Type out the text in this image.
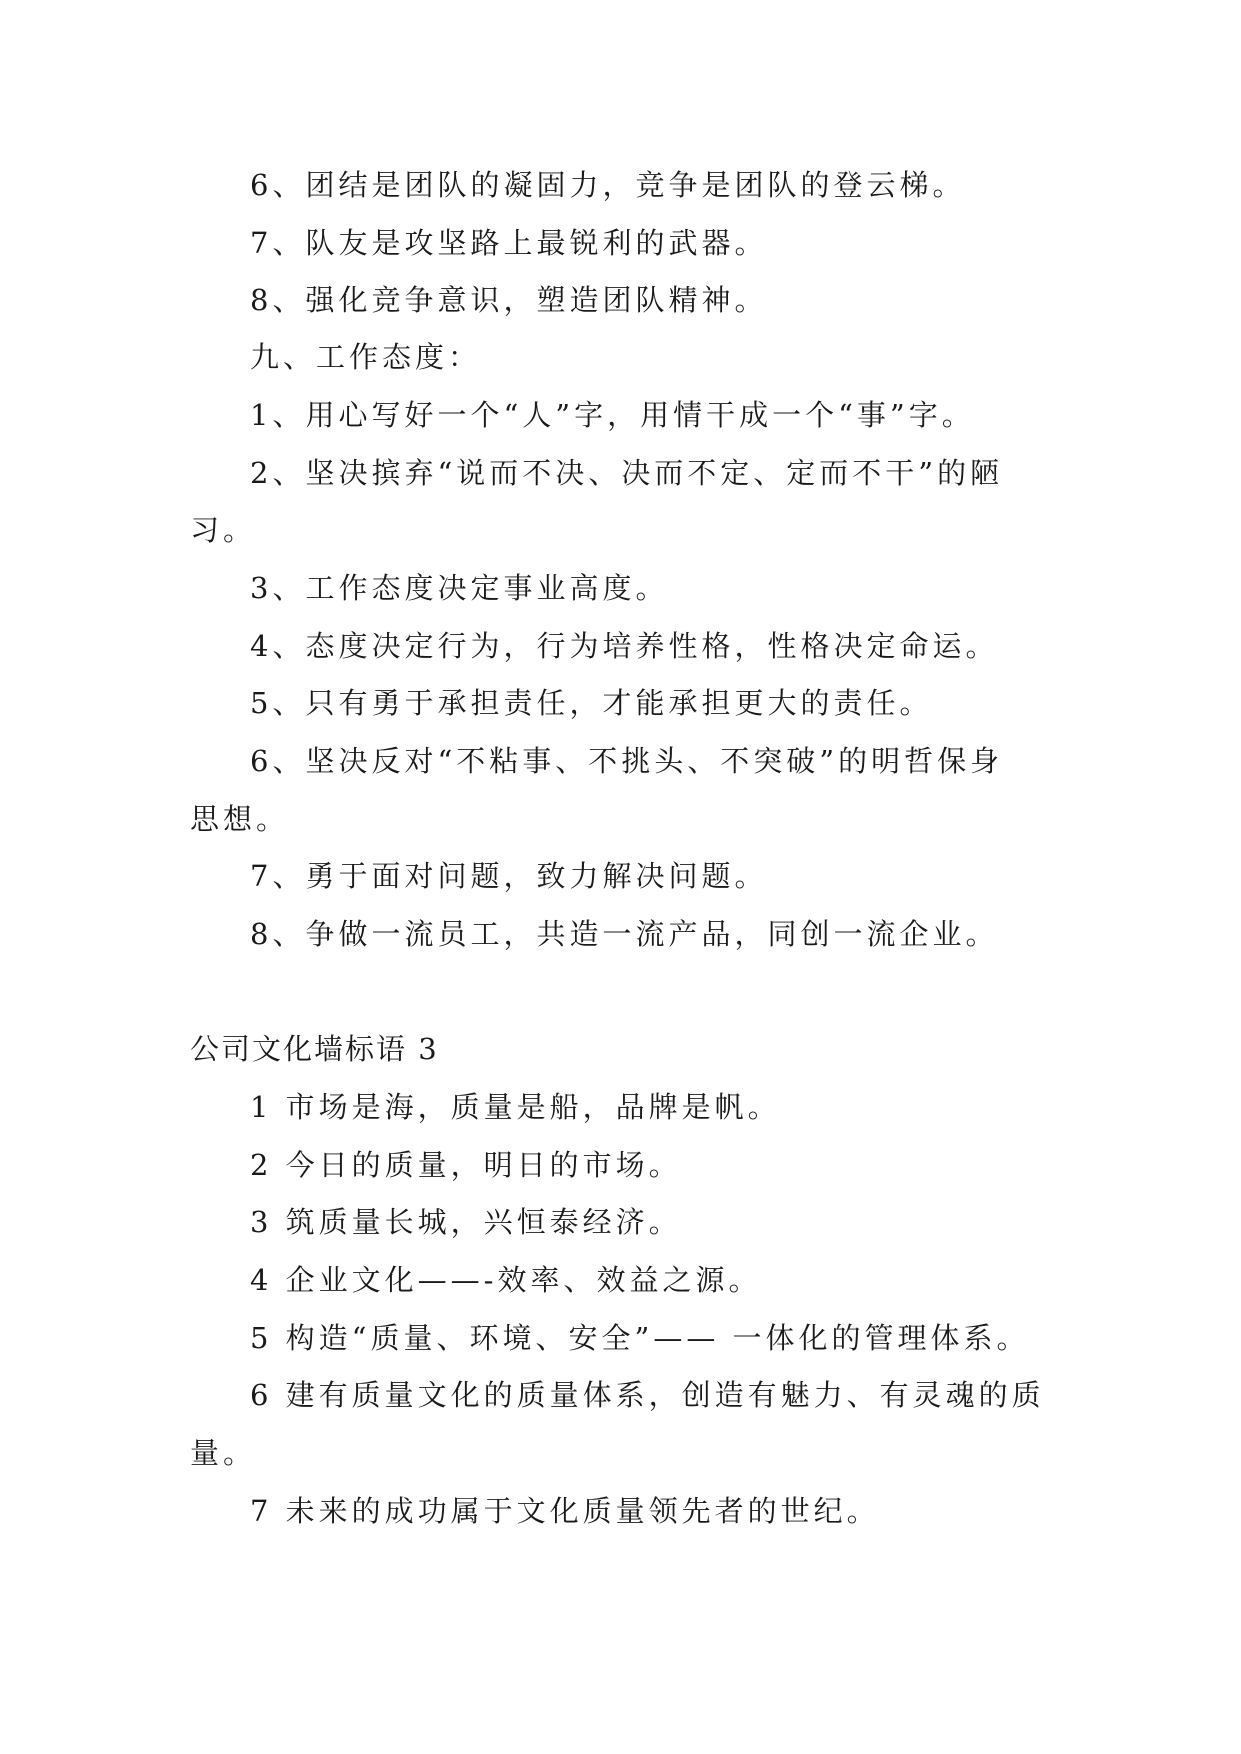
6、团结是团队的凝固力，竞争是团队的登云梯。
7、队友是攻坚路上最锐利的武器。
8、强化竞争意识，塑造团队精神。
九、工作态度：
1、用心写好一个“人”字，用情干成一个“事”字。
2、坚决摈弃“说而不决、决而不定、定而不干”的陋
习。
3、工作态度决定事业高度。
4、态度决定行为，行为培养性格，性格决定命运。
5、只有勇于承担责任，才能承担更大的责任。
6、坚决反对“不粘事、不挑头、不突破”的明哲保身
思想。
7、勇于面对问题，致力解决问题。
8、争做一流员工，共造一流产品，同创一流企业。
公司文化墙标语 3
1 市场是海，质量是船，品牌是帆。
2 今日的质量，明日的市场。
3 筑质量长城，兴恒泰经济。
4 企业文化——-效率、效益之源。
5 构造“质量、环境、安全”—— 一体化的管理体系。
6 建有质量文化的质量体系，创造有魅力、有灵魂的质
量。
7 未来的成功属于文化质量领先者的世纪。
